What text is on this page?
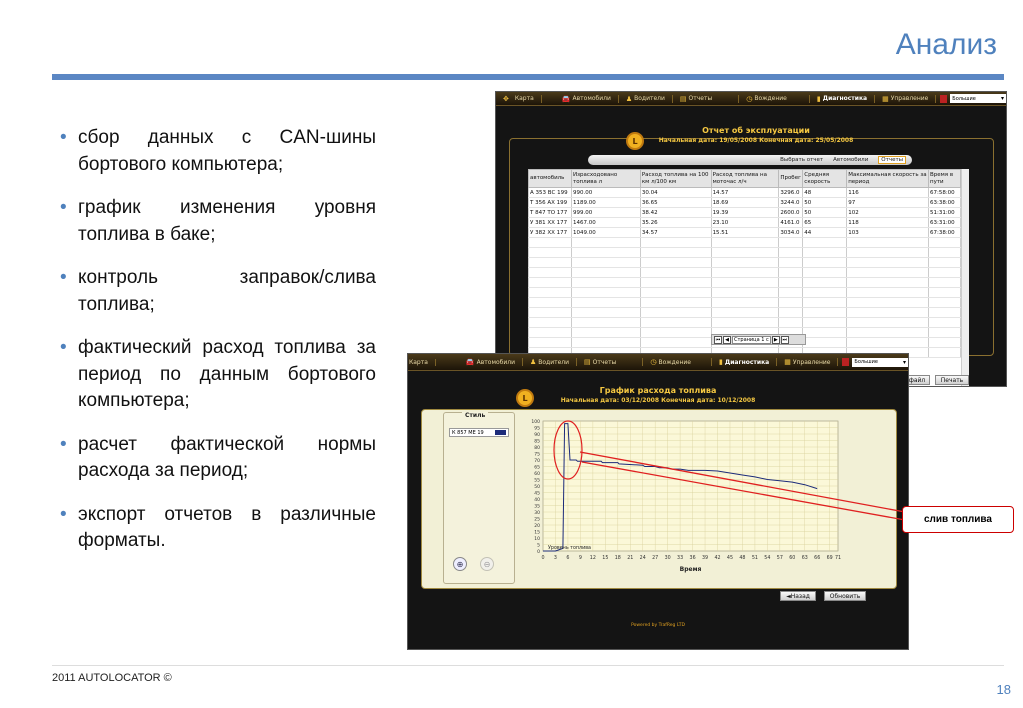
Анализ
• сбор данных с CAN-шины бортового компьютера;
• график изменения уровня топлива в баке;
• контроль заправок/слива топлива;
• фактический расход топлива за период по данным бортового компьютера;
• расчет фактической нормы расхода за период;
• экспорт отчетов в различные форматы.
✥ Карта	🚘 Автомобили ♟ Водители ▤ Отчеты	◷ Вождение	▮ Диагностика ▦ Управление	Большие	▾
L
Отчет об эксплуатации
Начальная дата: 19/05/2008 Конечная дата: 25/05/2008
Выбрать отчет Автомобили	Отчеты
автомобиль	Израсходовано топлива л	Расход топлива на 100 км л/100 км	Расход топлива на моточас л/ч	Пробег	Средняя скорость	Максимальная скорость за период	Время в пути
А 353 ВС 199	990.00	30.04	14.57	3296.0	48	116	67:58:00
Т 356 АХ 199	1189.00	36.65	18.69	3244.0	50	97	63:38:00
Т 847 ТО 177	999.00	38.42	19.39	2600.0	50	102	51:31:00
У 381 ХХ 177	1467.00	35.26	23.10	4161.0	65	118	63:31:00
У 382 ХХ 177	1049.00	34.57	15.51	3034.0	44	103	67:38:00

⏮ ◀	Страница 1 с	▶ ⏭
файл	Печать
Карта	🚘 Автомобили ♟ Водители ▤ Отчеты	◷ Вождение	▮ Диагностика ▦ Управление	Большие	▾
L
График расхода топлива
Начальная дата: 03/12/2008 Конечная дата: 10/12/2008
Стиль
К 857 МЕ 19
⊕	⊖
0
5
10
15
20
25
30
35
40
45
50
55
60
65
70
75
80
85
90
95
100
0 3 6 9 12 15 18 21 24 27 30 33 36 39 42 45 48 51 54 57 60 63 66 69 71
Уровень топлива
Время
◄Назад	Обновить
Powered by TrafReg LTD
слив топлива
2011 AUTOLOCATOR ©
18
